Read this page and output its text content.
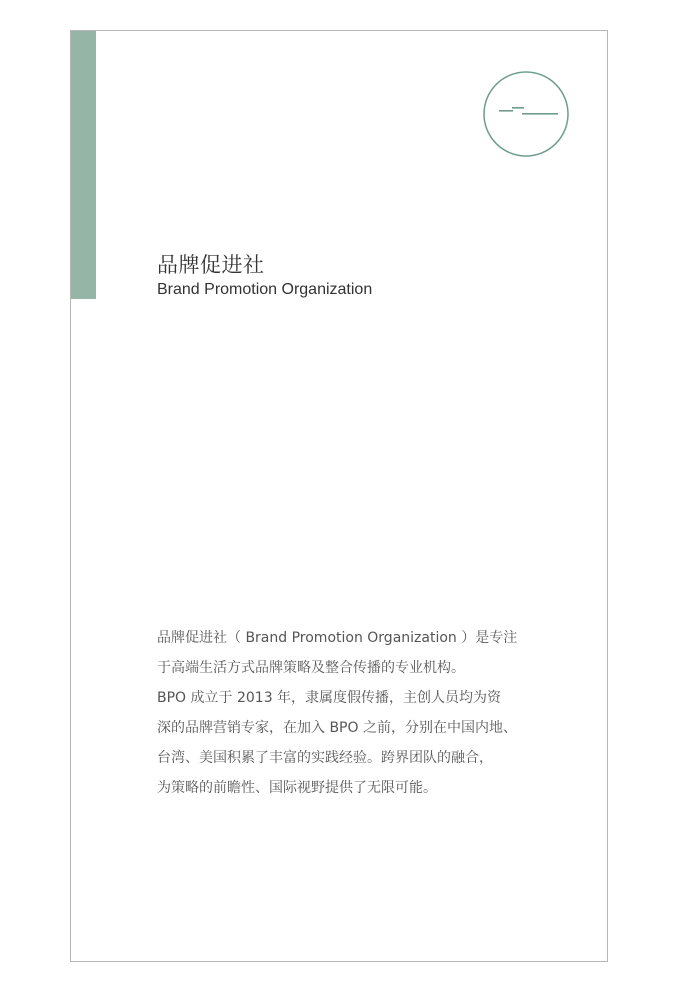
品牌促进社
Brand Promotion Organization
品牌促进社（ Brand Promotion Organization ）是专注
于高端生活方式品牌策略及整合传播的专业机构。
BPO 成立于 2013 年，隶属度假传播，主创人员均为资
深的品牌营销专家，在加入 BPO 之前，分别在中国内地、
台湾、美国积累了丰富的实践经验。跨界团队的融合，
为策略的前瞻性、国际视野提供了无限可能。
